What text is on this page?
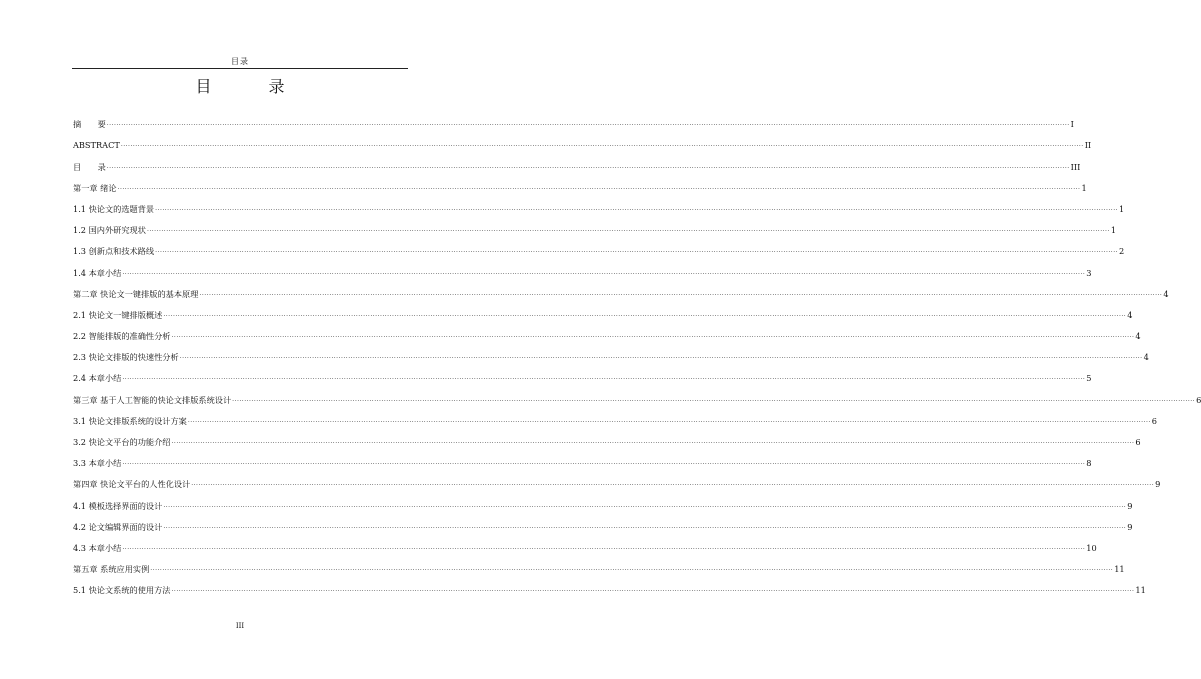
目录
目 录
摘　　要 ................................................................................................................................................................................................................................................................................................................................................................................................................ I
ABSTRACT ................................................................................................................................................................................................................................................................................................................................................................................................................ II
目　　录 ................................................................................................................................................................................................................................................................................................................................................................................................................ III
第一章 绪论 ................................................................................................................................................................................................................................................................................................................................................................................................................ 1
1.1 快论文的选题背景 ................................................................................................................................................................................................................................................................................................................................................................................................................ 1
1.2 国内外研究现状 ................................................................................................................................................................................................................................................................................................................................................................................................................ 1
1.3 创新点和技术路线 ................................................................................................................................................................................................................................................................................................................................................................................................................ 2
1.4 本章小结 ................................................................................................................................................................................................................................................................................................................................................................................................................ 3
第二章 快论文一键排版的基本原理 ................................................................................................................................................................................................................................................................................................................................................................................................................ 4
2.1 快论文一键排版概述 ................................................................................................................................................................................................................................................................................................................................................................................................................ 4
2.2 智能排版的准确性分析 ................................................................................................................................................................................................................................................................................................................................................................................................................ 4
2.3 快论文排版的快速性分析 ................................................................................................................................................................................................................................................................................................................................................................................................................ 4
2.4 本章小结 ................................................................................................................................................................................................................................................................................................................................................................................................................ 5
第三章 基于人工智能的快论文排版系统设计 ................................................................................................................................................................................................................................................................................................................................................................................................................ 6
3.1 快论文排版系统的设计方案 ................................................................................................................................................................................................................................................................................................................................................................................................................ 6
3.2 快论文平台的功能介绍 ................................................................................................................................................................................................................................................................................................................................................................................................................ 6
3.3 本章小结 ................................................................................................................................................................................................................................................................................................................................................................................................................ 8
第四章 快论文平台的人性化设计 ................................................................................................................................................................................................................................................................................................................................................................................................................ 9
4.1 模板选择界面的设计 ................................................................................................................................................................................................................................................................................................................................................................................................................ 9
4.2 论文编辑界面的设计 ................................................................................................................................................................................................................................................................................................................................................................................................................ 9
4.3 本章小结 ................................................................................................................................................................................................................................................................................................................................................................................................................ 10
第五章 系统应用实例 ................................................................................................................................................................................................................................................................................................................................................................................................................ 11
5.1 快论文系统的使用方法 ................................................................................................................................................................................................................................................................................................................................................................................................................ 11
III
